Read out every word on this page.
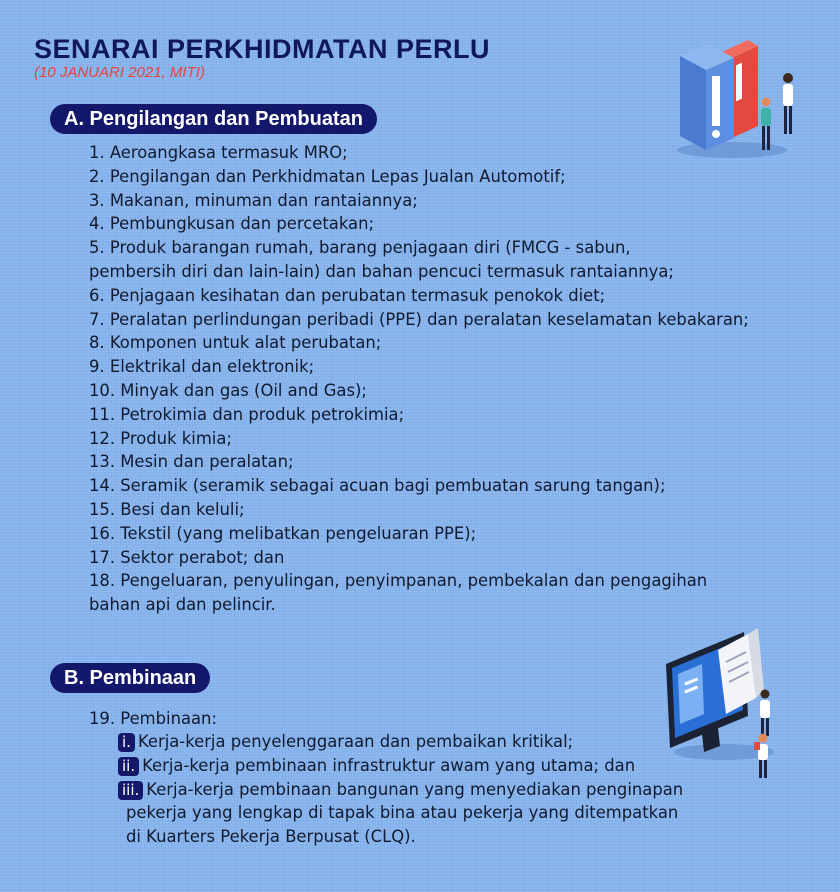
SENARAI PERKHIDMATAN PERLU
(10 JANUARI 2021, MITI)
A. Pengilangan dan Pembuatan
1. Aeroangkasa termasuk MRO;
2. Pengilangan dan Perkhidmatan Lepas Jualan Automotif;
3. Makanan, minuman dan rantaiannya;
4. Pembungkusan dan percetakan;
5. Produk barangan rumah, barang penjagaan diri (FMCG - sabun,
pembersih diri dan lain-lain) dan bahan pencuci termasuk rantaiannya;
6. Penjagaan kesihatan dan perubatan termasuk penokok diet;
7. Peralatan perlindungan peribadi (PPE) dan peralatan keselamatan kebakaran;
8. Komponen untuk alat perubatan;
9. Elektrikal dan elektronik;
10. Minyak dan gas (Oil and Gas);
11. Petrokimia dan produk petrokimia;
12. Produk kimia;
13. Mesin dan peralatan;
14. Seramik (seramik sebagai acuan bagi pembuatan sarung tangan);
15. Besi dan keluli;
16. Tekstil (yang melibatkan pengeluaran PPE);
17. Sektor perabot; dan
18. Pengeluaran, penyulingan, penyimpanan, pembekalan dan pengagihan
bahan api dan pelincir.
B. Pembinaan
19. Pembinaan:
i. Kerja-kerja penyelenggaraan dan pembaikan kritikal;
ii. Kerja-kerja pembinaan infrastruktur awam yang utama; dan
iii. Kerja-kerja pembinaan bangunan yang menyediakan penginapan
pekerja yang lengkap di tapak bina atau pekerja yang ditempatkan
di Kuarters Pekerja Berpusat (CLQ).
